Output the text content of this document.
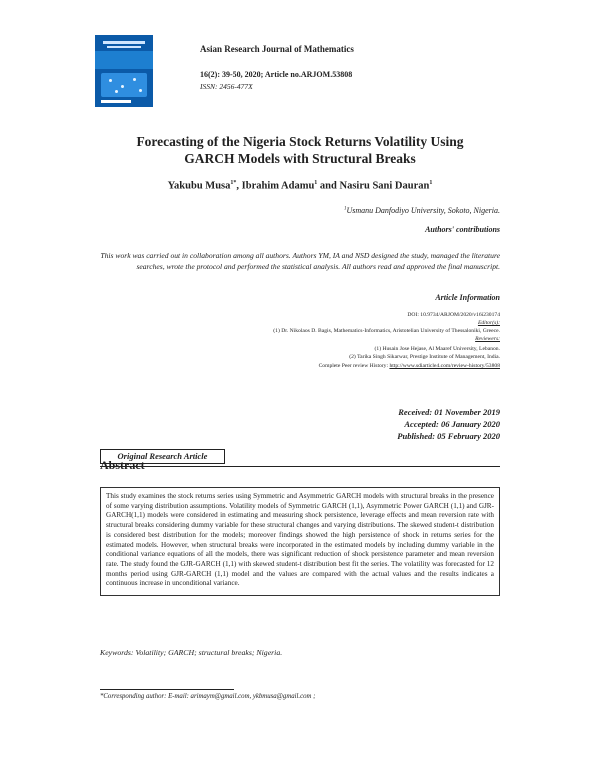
Asian Research Journal of Mathematics
16(2): 39-50, 2020; Article no.ARJOM.53808
ISSN: 2456-477X
Forecasting of the Nigeria Stock Returns Volatility Using
GARCH Models with Structural Breaks
Yakubu Musa$^{1*}$, Ibrahim Adamu$^1$ and Nasiru Sani Dauran$^1$
$^1$Usmanu Danfodiyo University, Sokoto, Nigeria.
Authors' contributions
This work was carried out in collaboration among all authors. Authors YM, IA and NSD designed the study, managed the literature searches, wrote the protocol and performed the statistical analysis. All authors read and approved the final manuscript.
Article Information
DOI: 10.9734/ARJOM/2020/v16i230174
Editor(s):
(1) Dr. Nikolaos D. Bagis, Mathematics-Informatics, Aristotelian University of Thessaloniki, Greece.
Reviewers:
(1) Husain Jose Hejase, Al Maaref University, Lebanon.
(2) Tarika Singh Sikarwar, Prestige Institute of Management, India.
Complete Peer review History: http://www.sdiarticle4.com/review-history/53808
Received: 01 November 2019
Accepted: 06 January 2020
Published: 05 February 2020
Original Research Article
Abstract
This study examines the stock returns series using Symmetric and Asymmetric GARCH models with structural breaks in the presence of some varying distribution assumptions. Volatility models of Symmetric GARCH (1,1), Asymmetric Power GARCH (1,1) and GJR-GARCH(1,1) models were considered in estimating and measuring shock persistence, leverage effects and mean reversion rate with structural breaks considering dummy variable for these structural changes and varying distributions. The skewed student-t distribution is considered best distribution for the models; moreover findings showed the high persistence of shock in returns series for the estimated models. However, when structural breaks were incorporated in the estimated models by including dummy variable in the conditional variance equations of all the models, there was significant reduction of shock persistence parameter and mean reversion rate. The study found the GJR-GARCH (1,1) with skewed student-t distribution best fit the series. The volatility was forecasted for 12 months period using GJR-GARCH (1,1) model and the values are compared with the actual values and the results indicates a continuous increase in unconditional variance.
Keywords: Volatility; GARCH; structural breaks; Nigeria.
*Corresponding author: E-mail: arimaym@gmail.com, ykbmusa@gmail.com ;
